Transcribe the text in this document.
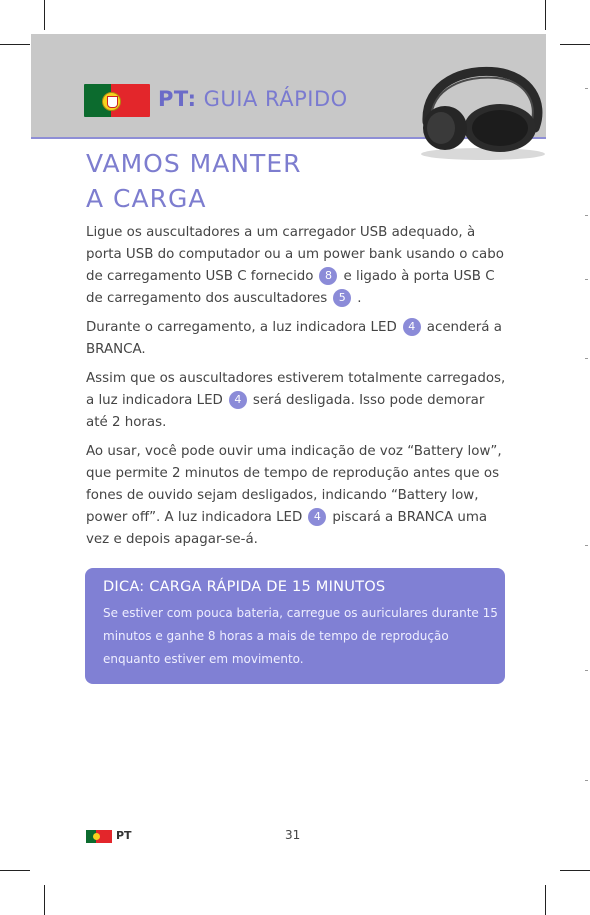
PT: GUIA RÁPIDO
VAMOS MANTER
A CARGA

Ligue os auscultadores a um carregador USB adequado, à porta USB do computador ou a um power bank usando o cabo de carregamento USB C fornecido 8 e ligado à porta USB C de carregamento dos auscultadores 5 .

Durante o carregamento, a luz indicadora LED 4 acenderá a BRANCA.

Assim que os auscultadores estiverem totalmente carregados, a luz indicadora LED 4 será desligada. Isso pode demorar até 2 horas.

Ao usar, você pode ouvir uma indicação de voz “Battery low”, que permite 2 minutos de tempo de reprodução antes que os fones de ouvido sejam desligados, indicando “Battery low, power off”. A luz indicadora LED 4 piscará a BRANCA uma vez e depois apagar-se-á.

DICA: CARGA RÁPIDA DE 15 MINUTOS
Se estiver com pouca bateria, carregue os auriculares durante 15 minutos e ganhe 8 horas a mais de tempo de reprodução enquanto estiver em movimento.
PT	31
